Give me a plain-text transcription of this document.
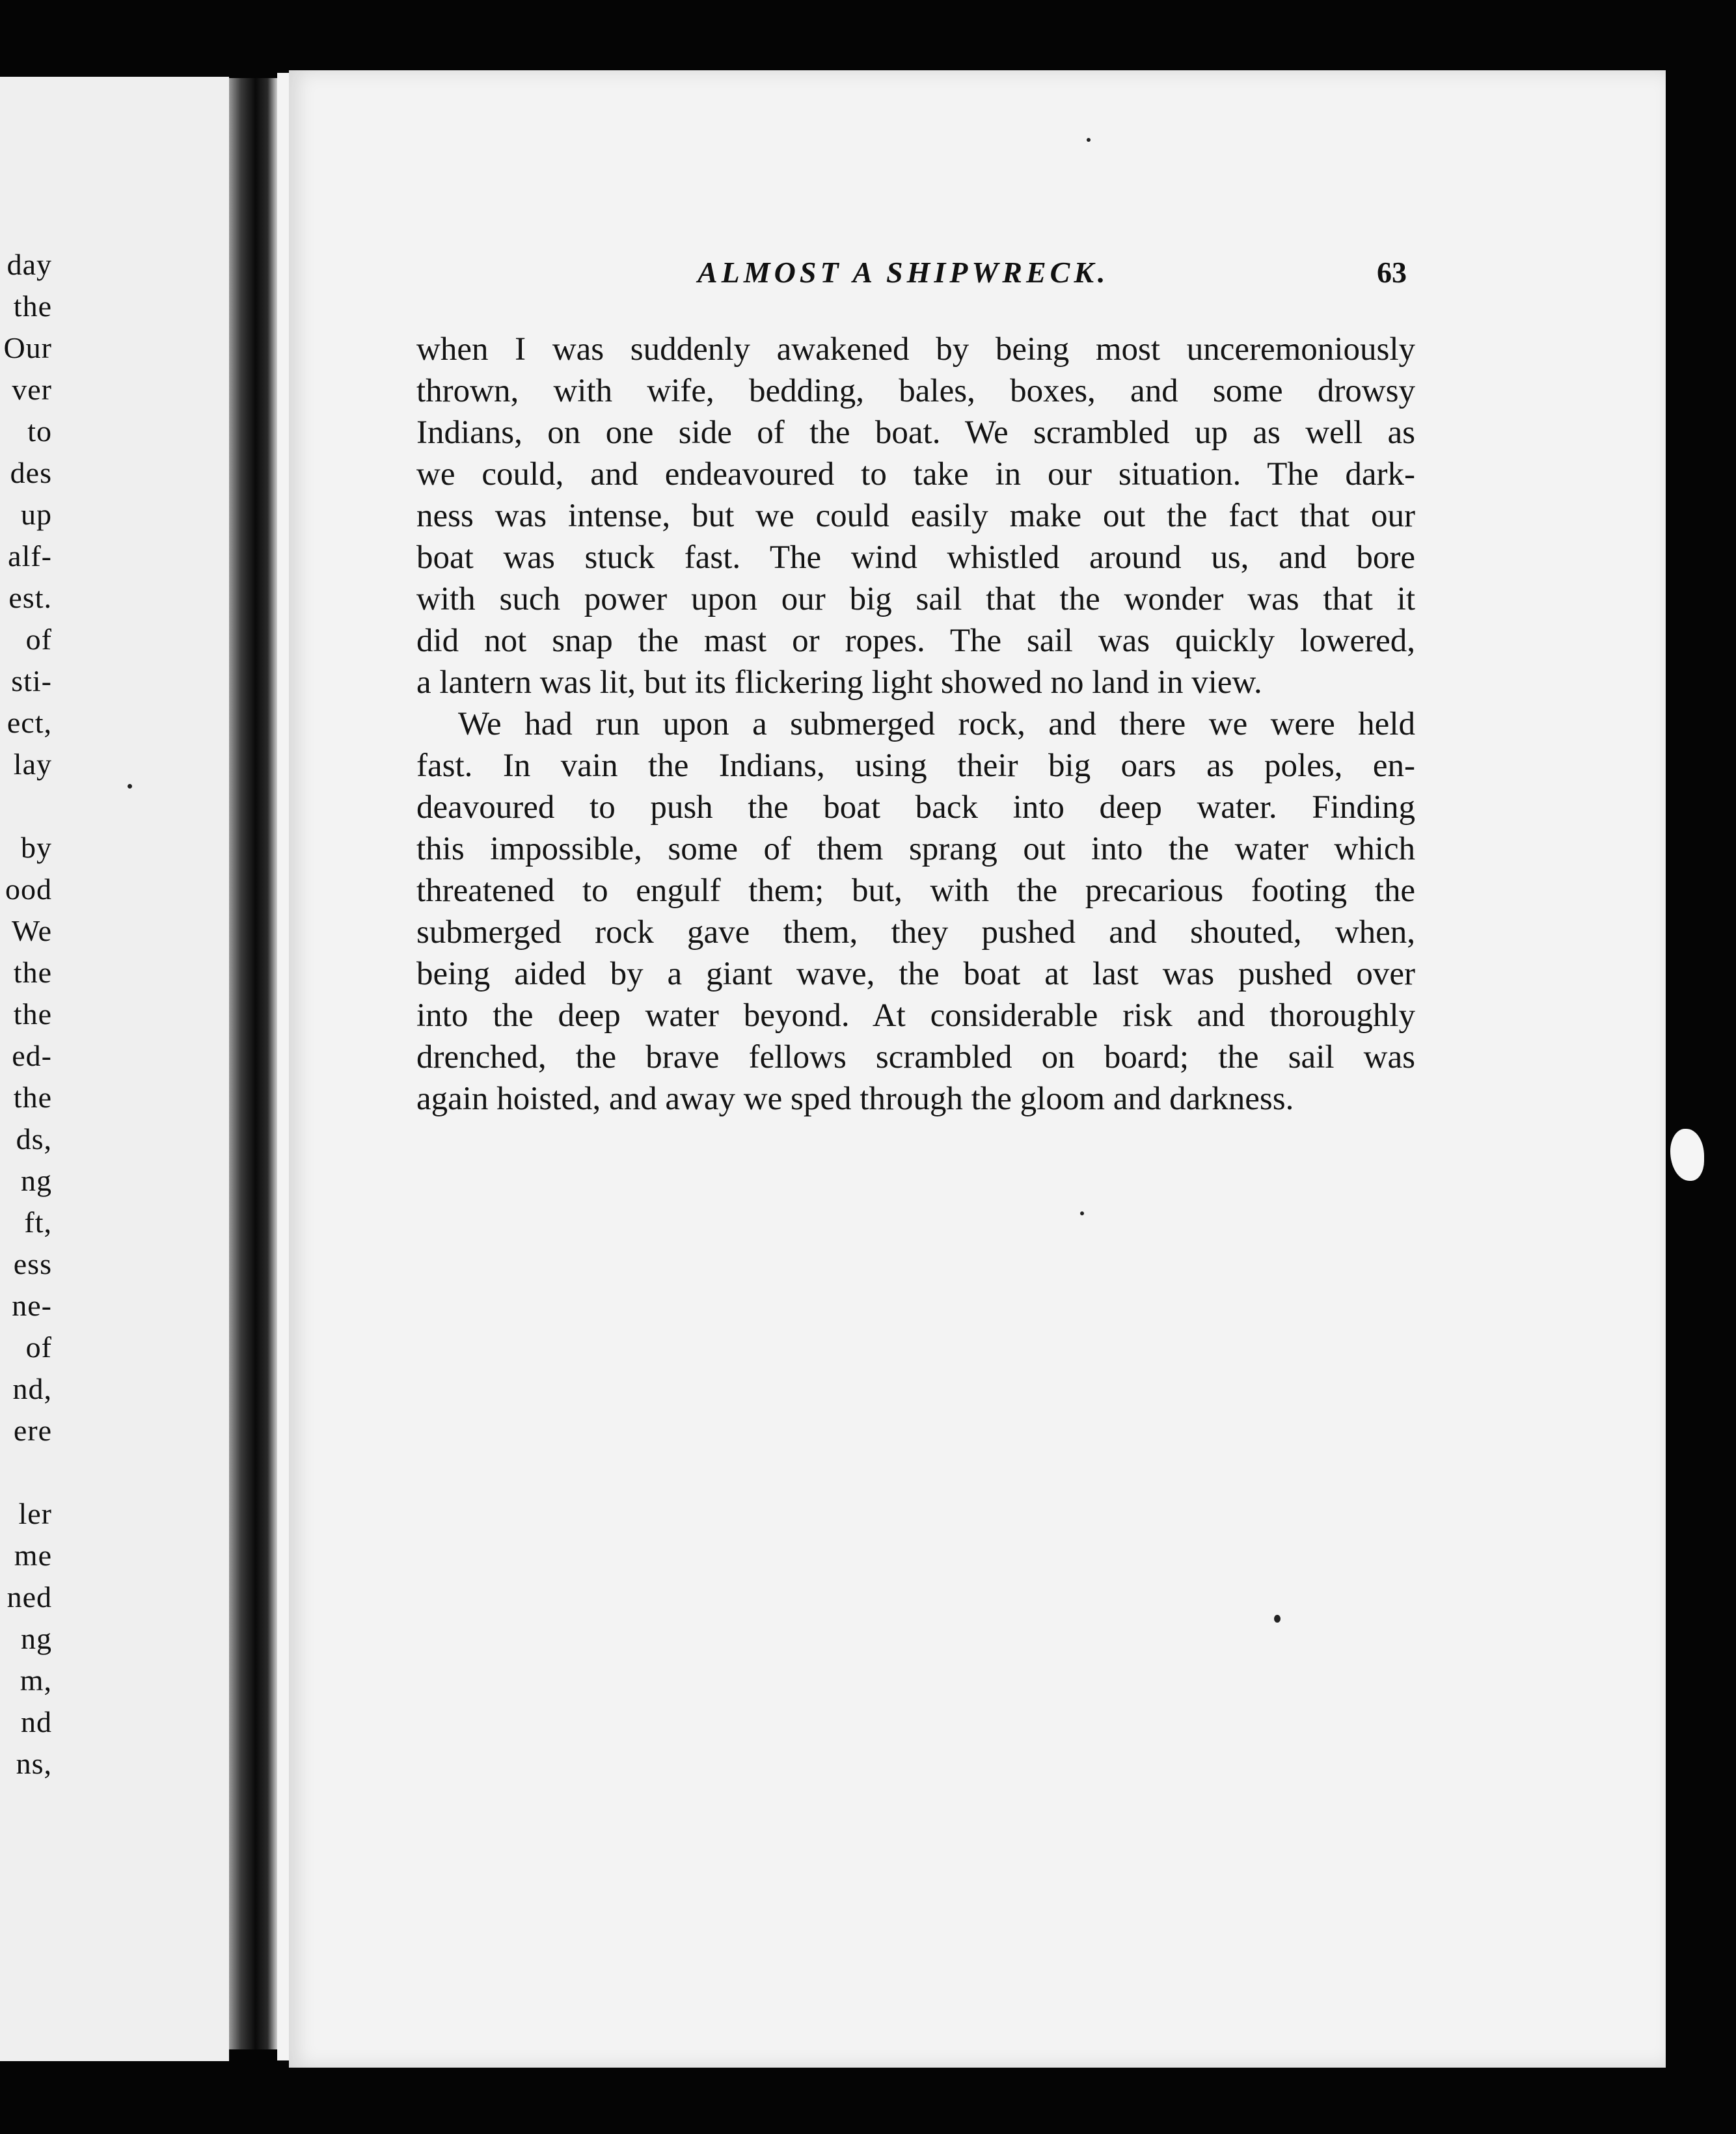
day
the
Our
ver
to
des
up
alf-
est.
of
sti-
ect,
lay
by
ood
We
the
the
ed-
the
ds,
ng
ft,
ess
ne-
of
nd,
ere
ler
me
ned
ng
m,
nd
ns,
ALMOST A SHIPWRECK.	63
when I was suddenly awakened by being most unceremoniously
thrown, with wife, bedding, bales, boxes, and some drowsy
Indians, on one side of the boat. We scrambled up as well as
we could, and endeavoured to take in our situation. The dark-
ness was intense, but we could easily make out the fact that our
boat was stuck fast. The wind whistled around us, and bore
with such power upon our big sail that the wonder was that it
did not snap the mast or ropes. The sail was quickly lowered,
a lantern was lit, but its flickering light showed no land in view.
We had run upon a submerged rock, and there we were held
fast. In vain the Indians, using their big oars as poles, en-
deavoured to push the boat back into deep water. Finding
this impossible, some of them sprang out into the water which
threatened to engulf them; but, with the precarious footing the
submerged rock gave them, they pushed and shouted, when,
being aided by a giant wave, the boat at last was pushed over
into the deep water beyond. At considerable risk and thoroughly
drenched, the brave fellows scrambled on board; the sail was
again hoisted, and away we sped through the gloom and darkness.
